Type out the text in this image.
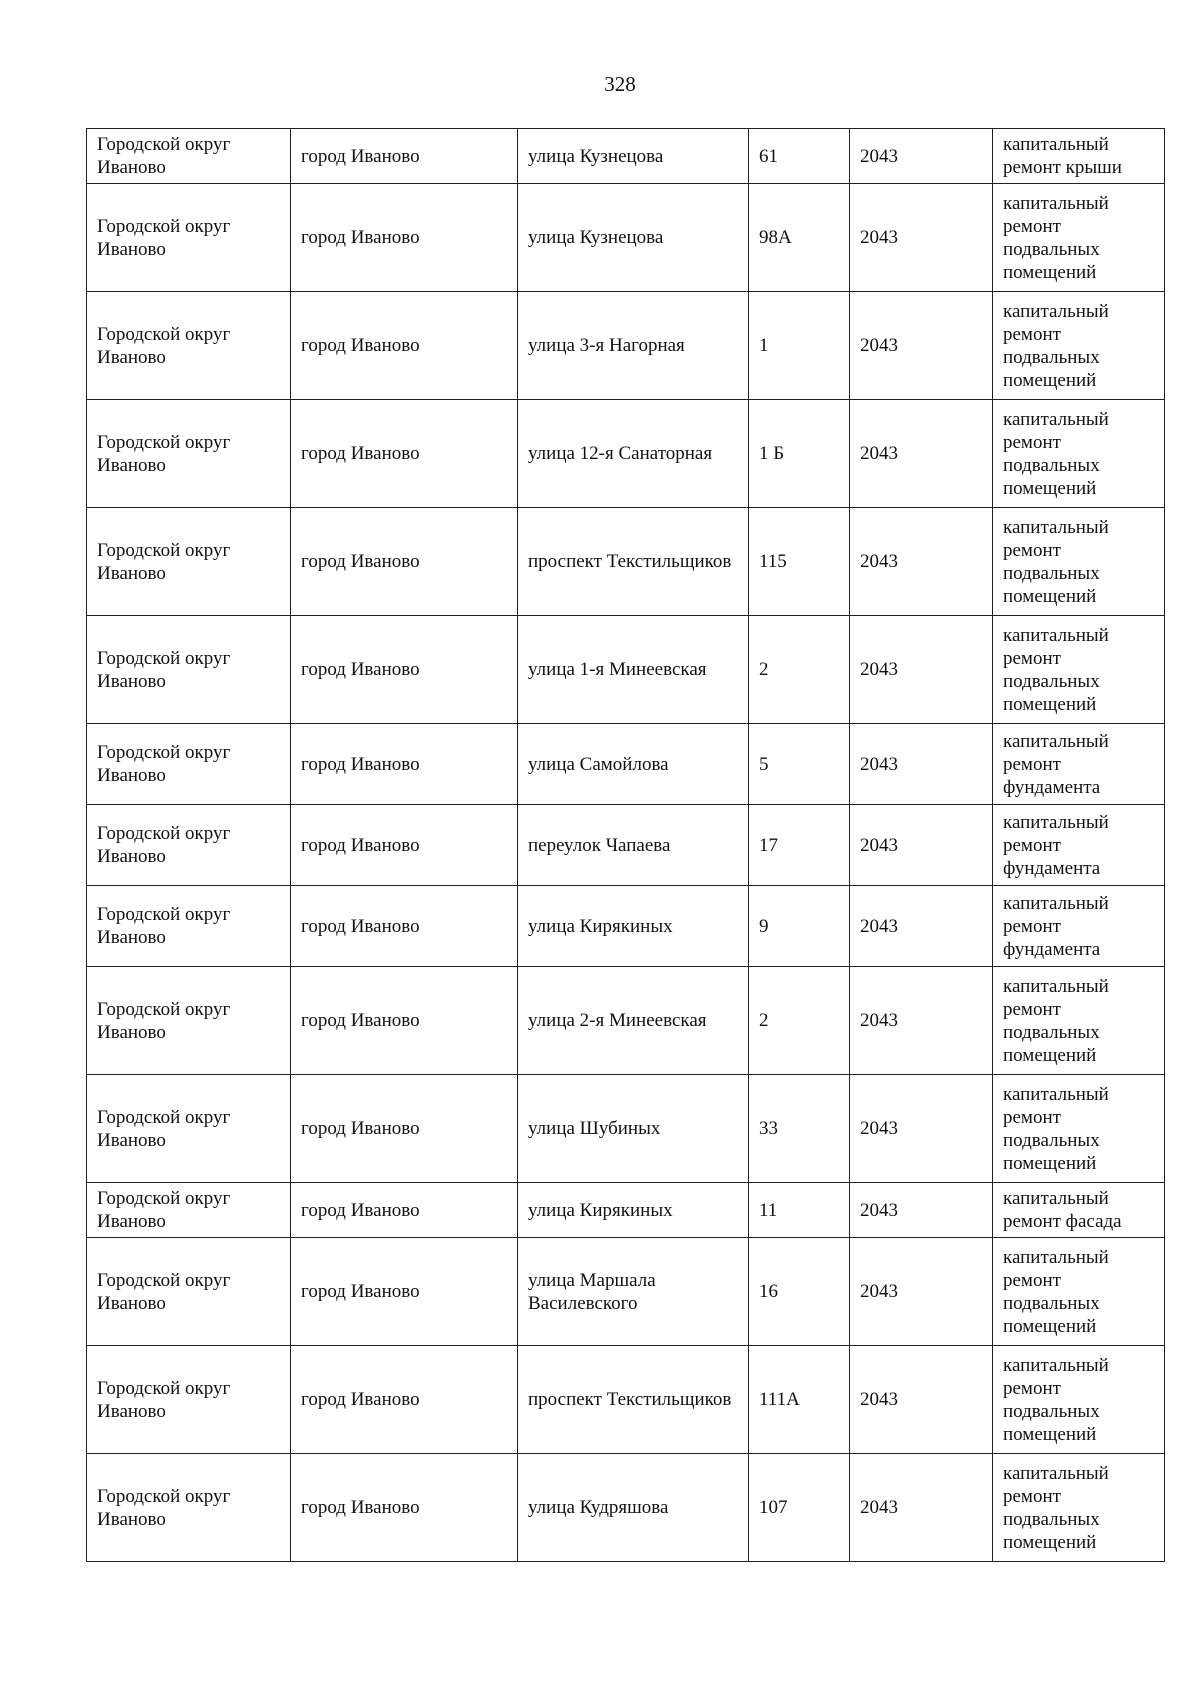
328
Городской округ Иваново	город Иваново	улица Кузнецова	61	2043	капитальный ремонт крыши
Городской округ Иваново	город Иваново	улица Кузнецова	98А	2043	капитальный ремонт подвальных помещений
Городской округ Иваново	город Иваново	улица 3-я Нагорная	1	2043	капитальный ремонт подвальных помещений
Городской округ Иваново	город Иваново	улица 12-я Санаторная	1 Б	2043	капитальный ремонт подвальных помещений
Городской округ Иваново	город Иваново	проспект Текстильщиков	115	2043	капитальный ремонт подвальных помещений
Городской округ Иваново	город Иваново	улица 1-я Минеевская	2	2043	капитальный ремонт подвальных помещений
Городской округ Иваново	город Иваново	улица Самойлова	5	2043	капитальный ремонт фундамента
Городской округ Иваново	город Иваново	переулок Чапаева	17	2043	капитальный ремонт фундамента
Городской округ Иваново	город Иваново	улица Кирякиных	9	2043	капитальный ремонт фундамента
Городской округ Иваново	город Иваново	улица 2-я Минеевская	2	2043	капитальный ремонт подвальных помещений
Городской округ Иваново	город Иваново	улица Шубиных	33	2043	капитальный ремонт подвальных помещений
Городской округ Иваново	город Иваново	улица Кирякиных	11	2043	капитальный ремонт фасада
Городской округ Иваново	город Иваново	улица Маршала Василевского	16	2043	капитальный ремонт подвальных помещений
Городской округ Иваново	город Иваново	проспект Текстильщиков	111А	2043	капитальный ремонт подвальных помещений
Городской округ Иваново	город Иваново	улица Кудряшова	107	2043	капитальный ремонт подвальных помещений
